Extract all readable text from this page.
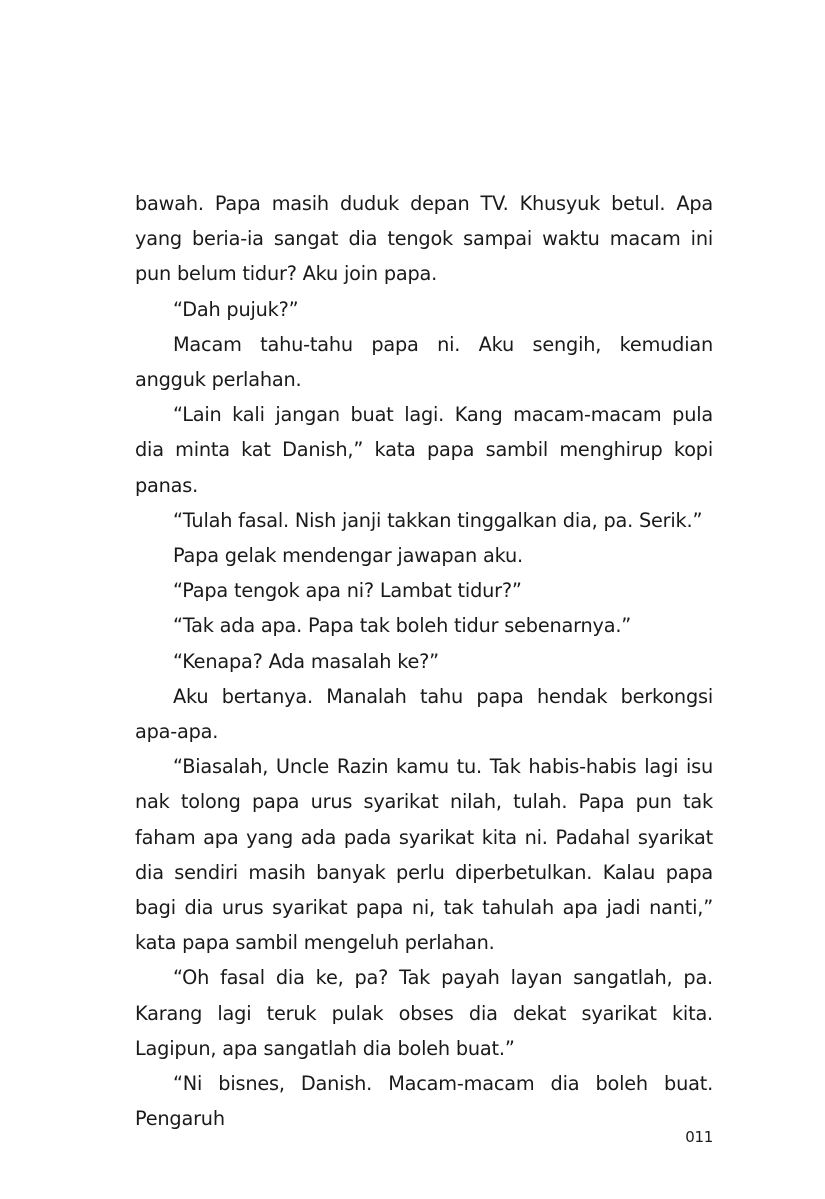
bawah. Papa masih duduk depan TV. Khusyuk betul. Apa yang beria-ia sangat dia tengok sampai waktu macam ini pun belum tidur? Aku join papa.

“Dah pujuk?”

Macam tahu-tahu papa ni. Aku sengih, kemudian angguk perlahan.

“Lain kali jangan buat lagi. Kang macam-macam pula dia minta kat Danish,” kata papa sambil menghirup kopi panas.

“Tulah fasal. Nish janji takkan tinggalkan dia, pa. Serik.”

Papa gelak mendengar jawapan aku.

“Papa tengok apa ni? Lambat tidur?”

“Tak ada apa. Papa tak boleh tidur sebenarnya.”

“Kenapa? Ada masalah ke?”

Aku bertanya. Manalah tahu papa hendak berkongsi apa-apa.

“Biasalah, Uncle Razin kamu tu. Tak habis-habis lagi isu nak tolong papa urus syarikat nilah, tulah. Papa pun tak faham apa yang ada pada syarikat kita ni. Padahal syarikat dia sendiri masih banyak perlu diperbetulkan. Kalau papa bagi dia urus syarikat papa ni, tak tahulah apa jadi nanti,” kata papa sambil mengeluh perlahan.

“Oh fasal dia ke, pa? Tak payah layan sangatlah, pa. Karang lagi teruk pulak obses dia dekat syarikat kita. Lagipun, apa sangatlah dia boleh buat.”

“Ni bisnes, Danish. Macam-macam dia boleh buat. Pengaruh

011
